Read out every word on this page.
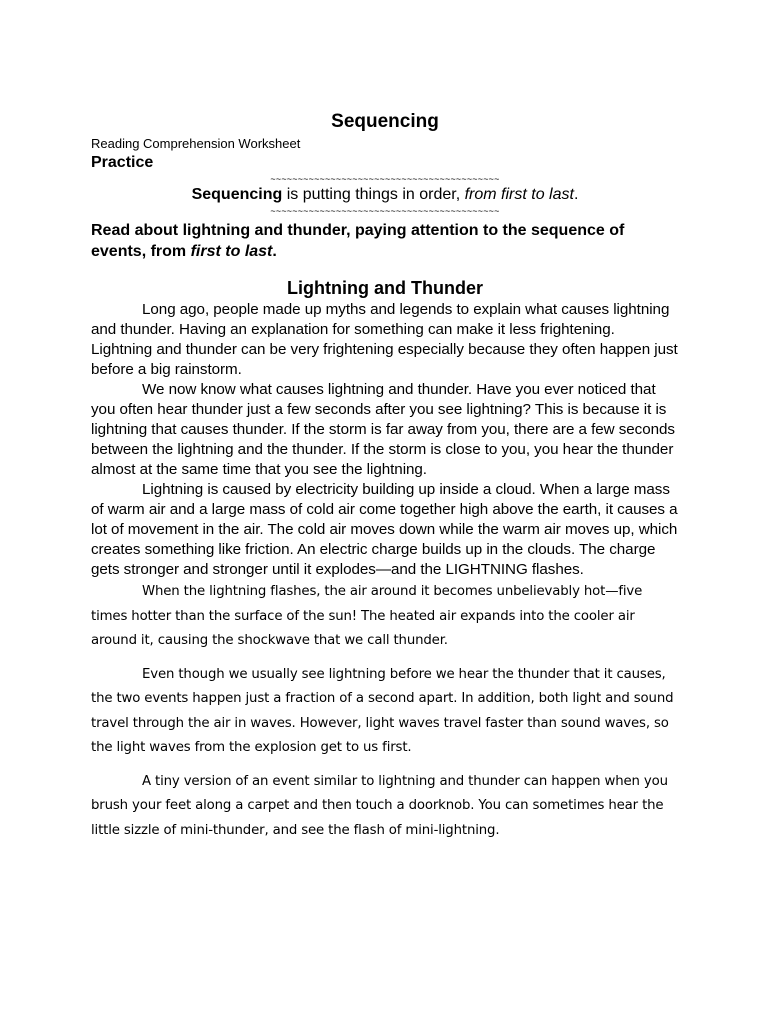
Sequencing

Reading Comprehension Worksheet

Practice

~~~~~~~~~~~~~~~~~~~~~~~~~~~~~~~~~~~~~~~~~~

Sequencing is putting things in order, from first to last.

~~~~~~~~~~~~~~~~~~~~~~~~~~~~~~~~~~~~~~~~~~

Read about lightning and thunder, paying attention to the sequence of events, from first to last.

Lightning and Thunder

Long ago, people made up myths and legends to explain what causes lightning and thunder. Having an explanation for something can make it less frightening. Lightning and thunder can be very frightening especially because they often happen just before a big rainstorm.

We now know what causes lightning and thunder. Have you ever noticed that you often hear thunder just a few seconds after you see lightning? This is because it is lightning that causes thunder. If the storm is far away from you, there are a few seconds between the lightning and the thunder. If the storm is close to you, you hear the thunder almost at the same time that you see the lightning.

Lightning is caused by electricity building up inside a cloud. When a large mass of warm air and a large mass of cold air come together high above the earth, it causes a lot of movement in the air. The cold air moves down while the warm air moves up, which creates something like friction. An electric charge builds up in the clouds. The charge gets stronger and stronger until it explodes—and the LIGHTNING flashes.

When the lightning flashes, the air around it becomes unbelievably hot—five times hotter than the surface of the sun! The heated air expands into the cooler air around it, causing the shockwave that we call thunder.

Even though we usually see lightning before we hear the thunder that it causes, the two events happen just a fraction of a second apart. In addition, both light and sound travel through the air in waves. However, light waves travel faster than sound waves, so the light waves from the explosion get to us first.

A tiny version of an event similar to lightning and thunder can happen when you brush your feet along a carpet and then touch a doorknob. You can sometimes hear the little sizzle of mini-thunder, and see the flash of mini-lightning.
